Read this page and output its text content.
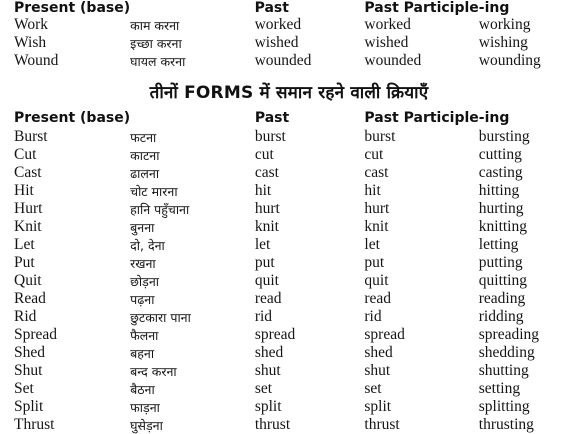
Present (base)		Past	Past Participle	-ing
Work	काम करना	worked	worked	working
Wish	इच्छा करना	wished	wished	wishing
Wound	घायल करना	wounded	wounded	wounding
तीनों FORMS में समान रहने वाली क्रियाएँ
Present (base)		Past	Past Participle	-ing
Burst	फटना	burst	burst	bursting
Cut	काटना	cut	cut	cutting
Cast	ढालना	cast	cast	casting
Hit	चोट मारना	hit	hit	hitting
Hurt	हानि पहुँचाना	hurt	hurt	hurting
Knit	बुनना	knit	knit	knitting
Let	दो, देना	let	let	letting
Put	रखना	put	put	putting
Quit	छोड़ना	quit	quit	quitting
Read	पढ़ना	read	read	reading
Rid	छुटकारा पाना	rid	rid	ridding
Spread	फैलना	spread	spread	spreading
Shed	बहना	shed	shed	shedding
Shut	बन्द करना	shut	shut	shutting
Set	बैठना	set	set	setting
Split	फाड़ना	split	split	splitting
Thrust	घुसेड़ना	thrust	thrust	thrusting
